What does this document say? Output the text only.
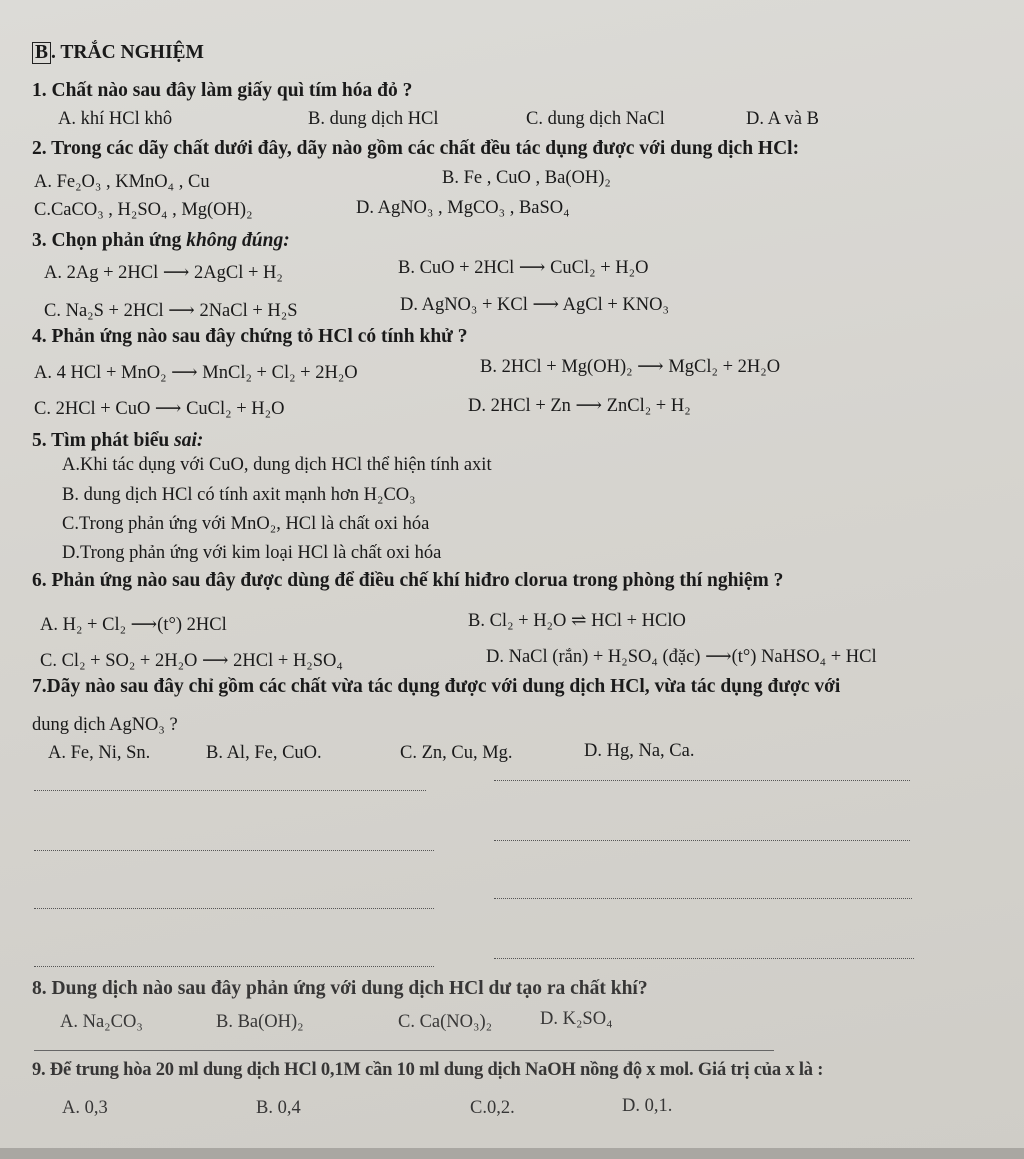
B . TRẮC NGHIỆM
1. Chất nào sau đây làm giấy quì tím hóa đỏ ?
A. khí HCl khô	B. dung dịch HCl	C. dung dịch NaCl	D. A và B
2. Trong các dãy chất dưới đây, dãy nào gồm các chất đều tác dụng được với dung dịch HCl:
A. Fe₂O₃ , KMnO₄ , Cu	B. Fe , CuO , Ba(OH)₂
C.CaCO₃ , H₂SO₄ , Mg(OH)₂	D. AgNO₃ , MgCO₃ , BaSO₄
3. Chọn phản ứng không đúng:
A. 2Ag + 2HCl ⟶ 2AgCl + H₂	B. CuO + 2HCl ⟶ CuCl₂ + H₂O
C. Na₂S + 2HCl ⟶ 2NaCl + H₂S	D. AgNO₃ + KCl ⟶ AgCl + KNO₃
4. Phản ứng nào sau đây chứng tỏ HCl có tính khử ?
A. 4 HCl + MnO₂ ⟶ MnCl₂ + Cl₂ + 2H₂O	B. 2HCl + Mg(OH)₂ ⟶ MgCl₂ + 2H₂O
C. 2HCl + CuO ⟶ CuCl₂ + H₂O	D. 2HCl + Zn ⟶ ZnCl₂ + H₂
5. Tìm phát biểu sai:
A.Khi tác dụng với CuO, dung dịch HCl thể hiện tính axit
B. dung dịch HCl có tính axit mạnh hơn H₂CO₃
C.Trong phản ứng với MnO₂, HCl là chất oxi hóa
D.Trong phản ứng với kim loại HCl là chất oxi hóa
6. Phản ứng nào sau đây được dùng để điều chế khí hiđro clorua trong phòng thí nghiệm ?
A. H₂ + Cl₂ ⟶(t°) 2HCl	B. Cl₂ + H₂O ⇌ HCl + HClO
C. Cl₂ + SO₂ + 2H₂O ⟶ 2HCl + H₂SO₄	D. NaCl (rắn) + H₂SO₄ (đặc) ⟶(t°) NaHSO₄ + HCl
7.Dãy nào sau đây chỉ gồm các chất vừa tác dụng được với dung dịch HCl, vừa tác dụng được với
dung dịch AgNO₃ ?
A. Fe, Ni, Sn.	B. Al, Fe, CuO.	C. Zn, Cu, Mg.	D. Hg, Na, Ca.
8. Dung dịch nào sau đây phản ứng với dung dịch HCl dư tạo ra chất khí?
A. Na₂CO₃	B. Ba(OH)₂	C. Ca(NO₃)₂	D. K₂SO₄
9. Để trung hòa 20 ml dung dịch HCl 0,1M cần 10 ml dung dịch NaOH nồng độ x mol. Giá trị của x là :
A. 0,3	B. 0,4	C.0,2.	D. 0,1.
